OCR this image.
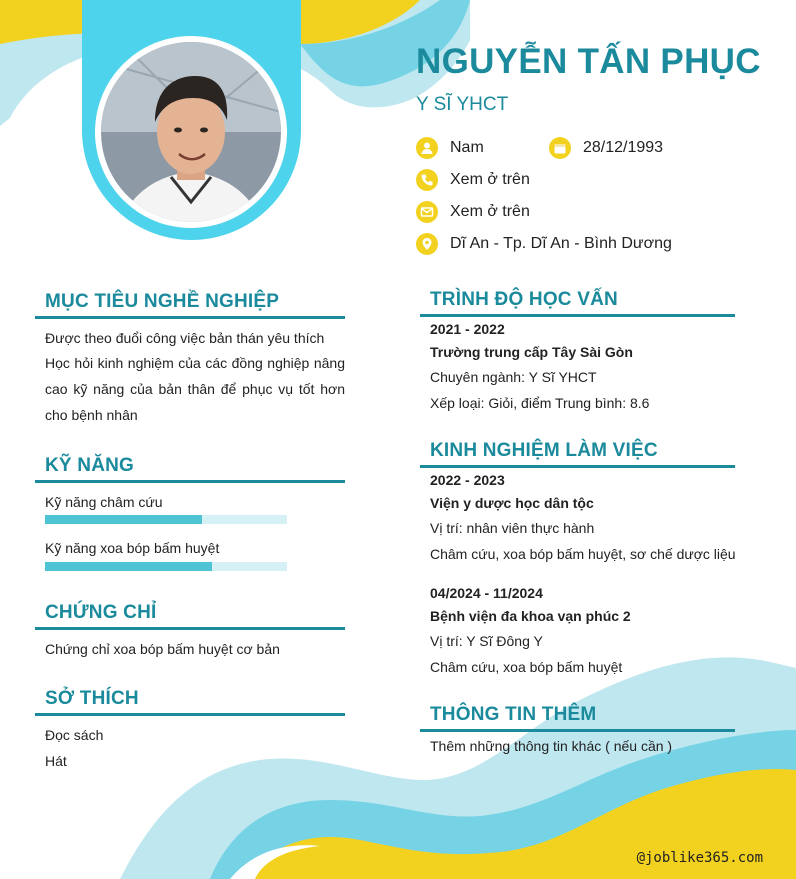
NGUYỄN TẤN PHỤC
Y SĨ YHCT
Nam	28/12/1993
Xem ở trên
Xem ở trên
Dĩ An - Tp. Dĩ An - Bình Dương
MỤC TIÊU NGHỀ NGHIỆP
Được theo đuổi công việc bản thán yêu thích
Học hỏi kinh nghiệm của các đồng nghiệp nâng cao kỹ năng của bản thân để phục vụ tốt hơn cho bệnh nhân
KỸ NĂNG
Kỹ năng châm cứu
Kỹ năng xoa bóp bấm huyệt
CHỨNG CHỈ
Chứng chỉ xoa bóp bấm huyệt cơ bản
SỞ THÍCH
Đọc sách
Hát
TRÌNH ĐỘ HỌC VẤN
2021 - 2022
Trường trung cấp Tây Sài Gòn
Chuyên ngành: Y Sĩ YHCT
Xếp loại: Giỏi, điểm Trung bình: 8.6
KINH NGHIỆM LÀM VIỆC
2022 - 2023
Viện y dược học dân tộc
Vị trí: nhân viên thực hành
Châm cứu, xoa bóp bấm huyệt, sơ chế dược liệu
04/2024 - 11/2024
Bệnh viện đa khoa vạn phúc 2
Vị trí: Y Sĩ Đông Y
Châm cứu, xoa bóp bấm huyệt
THÔNG TIN THÊM
Thêm những thông tin khác ( nếu cần )
@joblike365.com
